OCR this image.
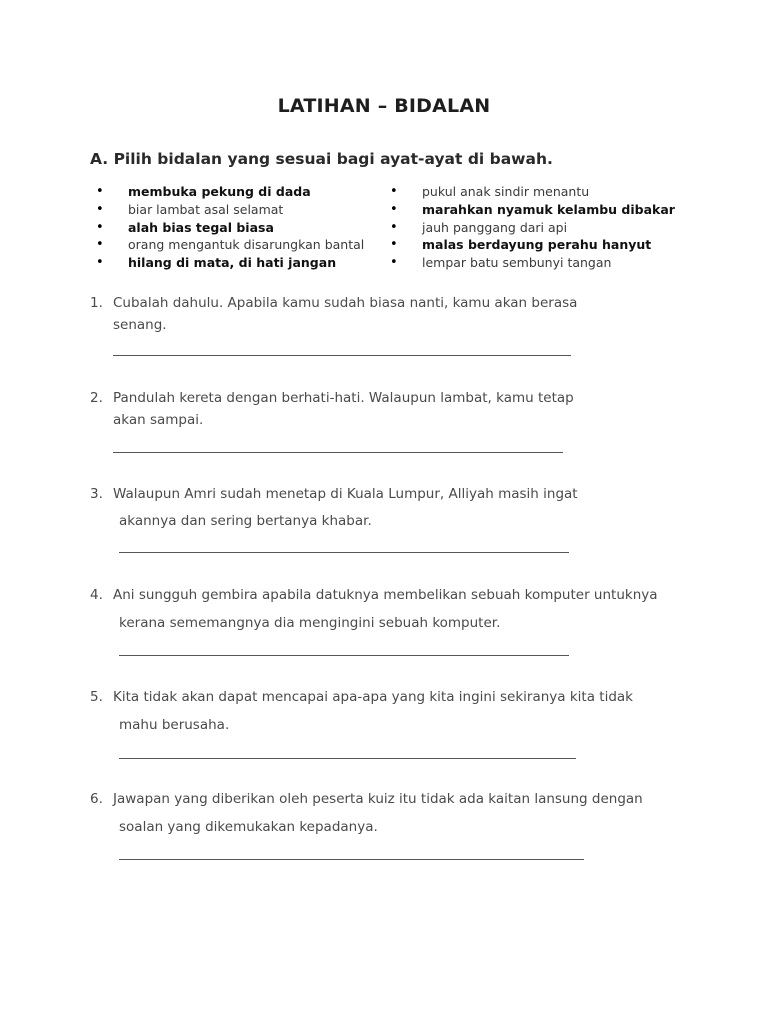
LATIHAN – BIDALAN
A. Pilih bidalan yang sesuai bagi ayat-ayat di bawah.
• membuka pekung di dada
• biar lambat asal selamat
• alah bias tegal biasa
• orang mengantuk disarungkan bantal
• hilang di mata, di hati jangan
• pukul anak sindir menantu
• marahkan nyamuk kelambu dibakar
• jauh panggang dari api
• malas berdayung perahu hanyut
• lempar batu sembunyi tangan
1. Cubalah dahulu. Apabila kamu sudah biasa nanti, kamu akan berasa
senang.
2. Pandulah kereta dengan berhati-hati. Walaupun lambat, kamu tetap
akan sampai.
3. Walaupun Amri sudah menetap di Kuala Lumpur, Alliyah masih ingat
akannya dan sering bertanya khabar.
4. Ani sungguh gembira apabila datuknya membelikan sebuah komputer untuknya
kerana sememangnya dia mengingini sebuah komputer.
5. Kita tidak akan dapat mencapai apa-apa yang kita ingini sekiranya kita tidak
mahu berusaha.
6. Jawapan yang diberikan oleh peserta kuiz itu tidak ada kaitan lansung dengan
soalan yang dikemukakan kepadanya.
